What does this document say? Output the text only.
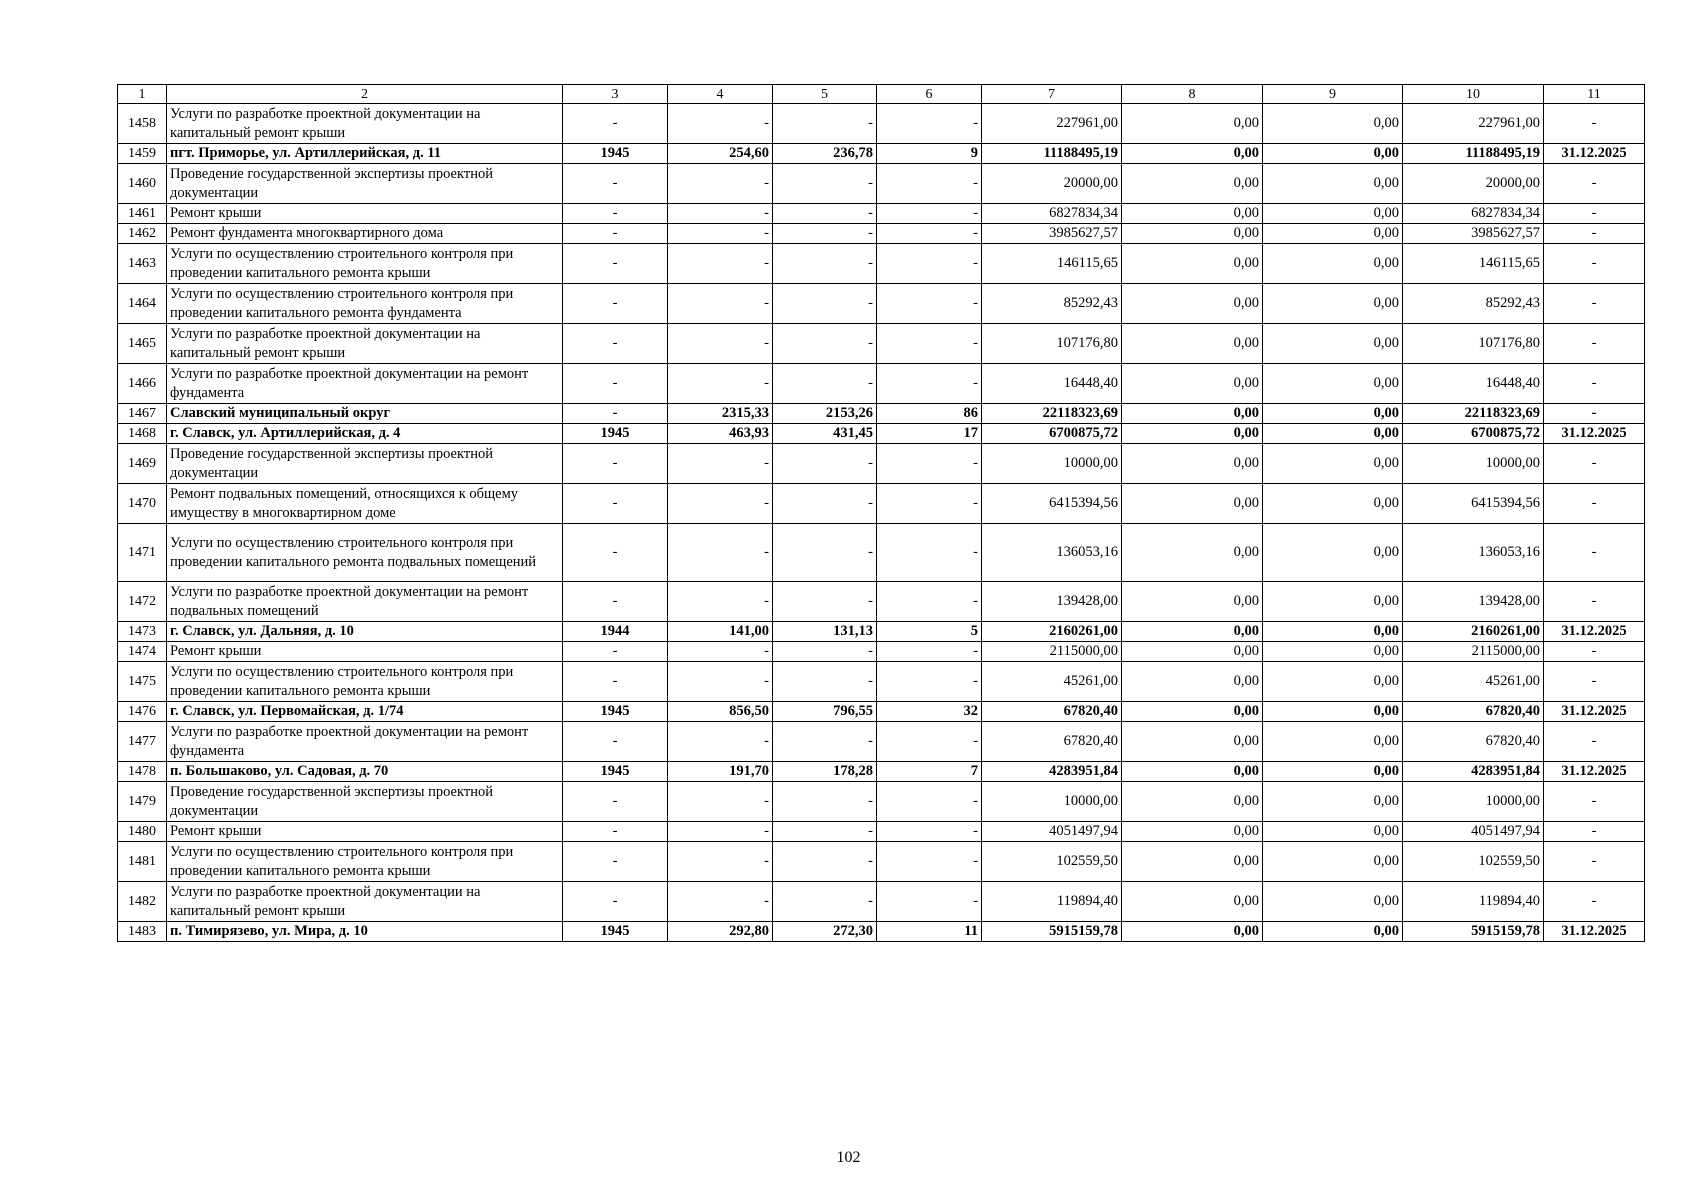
1	2	3	4	5	6	7	8	9	10	11
1458	Услуги по разработке проектной документации на капитальный ремонт крыши	-	-	-	-	227961,00	0,00	0,00	227961,00	-
1459	пгт. Приморье, ул. Артиллерийская, д. 11	1945	254,60	236,78	9	11188495,19	0,00	0,00	11188495,19	31.12.2025
1460	Проведение государственной экспертизы проектной документации	-	-	-	-	20000,00	0,00	0,00	20000,00	-
1461	Ремонт крыши	-	-	-	-	6827834,34	0,00	0,00	6827834,34	-
1462	Ремонт фундамента многоквартирного дома	-	-	-	-	3985627,57	0,00	0,00	3985627,57	-
1463	Услуги по осуществлению строительного контроля при проведении капитального ремонта крыши	-	-	-	-	146115,65	0,00	0,00	146115,65	-
1464	Услуги по осуществлению строительного контроля при проведении капитального ремонта фундамента	-	-	-	-	85292,43	0,00	0,00	85292,43	-
1465	Услуги по разработке проектной документации на капитальный ремонт крыши	-	-	-	-	107176,80	0,00	0,00	107176,80	-
1466	Услуги по разработке проектной документации на ремонт фундамента	-	-	-	-	16448,40	0,00	0,00	16448,40	-
1467	Славский муниципальный округ	-	2315,33	2153,26	86	22118323,69	0,00	0,00	22118323,69	-
1468	г. Славск, ул. Артиллерийская, д. 4	1945	463,93	431,45	17	6700875,72	0,00	0,00	6700875,72	31.12.2025
1469	Проведение государственной экспертизы проектной документации	-	-	-	-	10000,00	0,00	0,00	10000,00	-
1470	Ремонт подвальных помещений, относящихся к общему имуществу в многоквартирном доме	-	-	-	-	6415394,56	0,00	0,00	6415394,56	-
1471	Услуги по осуществлению строительного контроля при проведении капитального ремонта подвальных помещений	-	-	-	-	136053,16	0,00	0,00	136053,16	-
1472	Услуги по разработке проектной документации на ремонт подвальных помещений	-	-	-	-	139428,00	0,00	0,00	139428,00	-
1473	г. Славск, ул. Дальняя, д. 10	1944	141,00	131,13	5	2160261,00	0,00	0,00	2160261,00	31.12.2025
1474	Ремонт крыши	-	-	-	-	2115000,00	0,00	0,00	2115000,00	-
1475	Услуги по осуществлению строительного контроля при проведении капитального ремонта крыши	-	-	-	-	45261,00	0,00	0,00	45261,00	-
1476	г. Славск, ул. Первомайская, д. 1/74	1945	856,50	796,55	32	67820,40	0,00	0,00	67820,40	31.12.2025
1477	Услуги по разработке проектной документации на ремонт фундамента	-	-	-	-	67820,40	0,00	0,00	67820,40	-
1478	п. Большаково, ул. Садовая, д. 70	1945	191,70	178,28	7	4283951,84	0,00	0,00	4283951,84	31.12.2025
1479	Проведение государственной экспертизы проектной документации	-	-	-	-	10000,00	0,00	0,00	10000,00	-
1480	Ремонт крыши	-	-	-	-	4051497,94	0,00	0,00	4051497,94	-
1481	Услуги по осуществлению строительного контроля при проведении капитального ремонта крыши	-	-	-	-	102559,50	0,00	0,00	102559,50	-
1482	Услуги по разработке проектной документации на капитальный ремонт крыши	-	-	-	-	119894,40	0,00	0,00	119894,40	-
1483	п. Тимирязево, ул. Мира, д. 10	1945	292,80	272,30	11	5915159,78	0,00	0,00	5915159,78	31.12.2025
102
